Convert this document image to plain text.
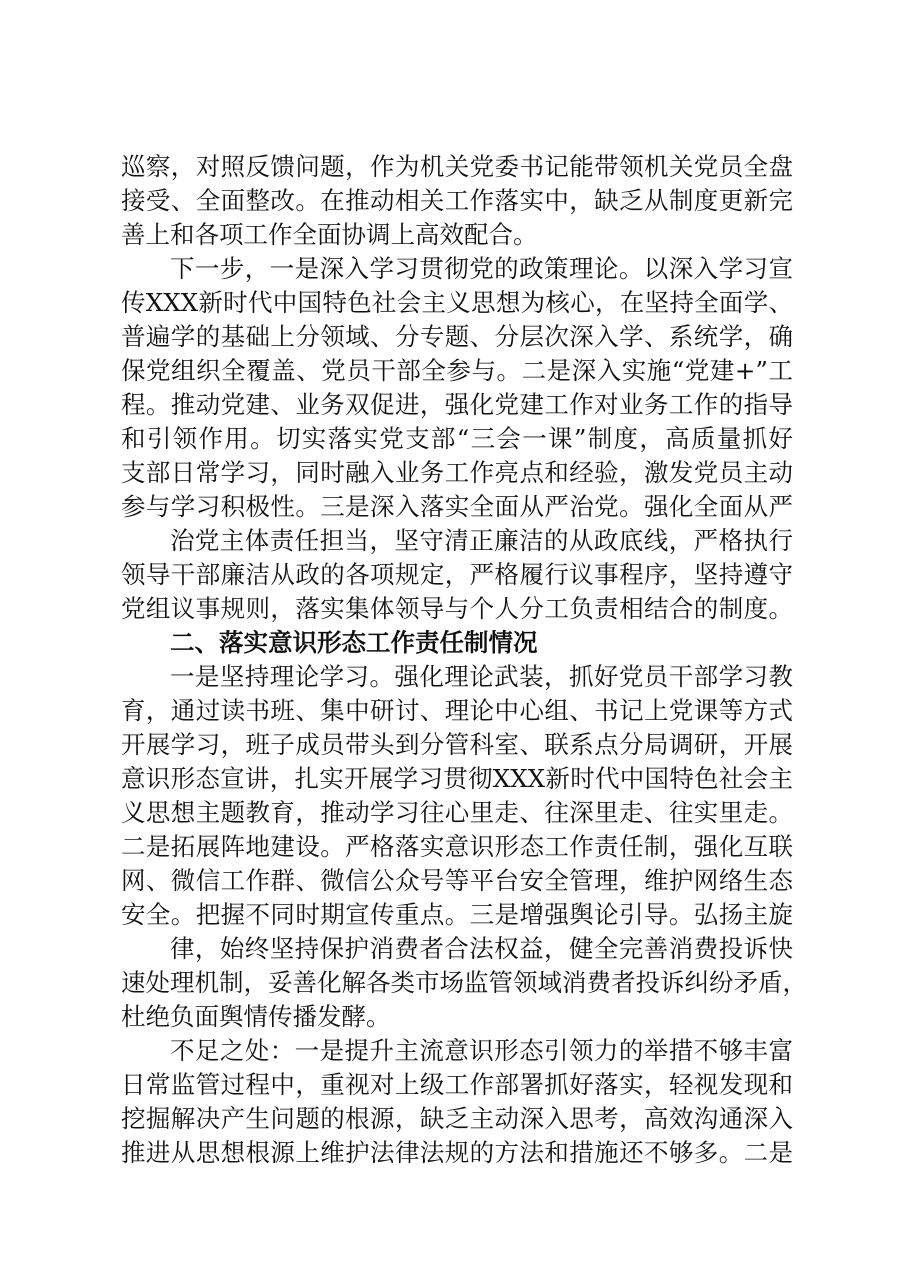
巡察，对照反馈问题，作为机关党委书记能带领机关党员全盘
接受、全面整改。在推动相关工作落实中，缺乏从制度更新完
善上和各项工作全面协调上高效配合。
下一步，一是深入学习贯彻党的政策理论。以深入学习宣
传XXX新时代中国特色社会主义思想为核心，在坚持全面学、
普遍学的基础上分领域、分专题、分层次深入学、系统学，确
保党组织全覆盖、党员干部全参与。二是深入实施“党建+”工
程。推动党建、业务双促进，强化党建工作对业务工作的指导
和引领作用。切实落实党支部“三会一课”制度，高质量抓好
支部日常学习，同时融入业务工作亮点和经验，激发党员主动
参与学习积极性。三是深入落实全面从严治党。强化全面从严
治党主体责任担当，坚守清正廉洁的从政底线，严格执行
领导干部廉洁从政的各项规定，严格履行议事程序，坚持遵守
党组议事规则，落实集体领导与个人分工负责相结合的制度。
二、落实意识形态工作责任制情况
一是坚持理论学习。强化理论武装，抓好党员干部学习教
育，通过读书班、集中研讨、理论中心组、书记上党课等方式
开展学习，班子成员带头到分管科室、联系点分局调研，开展
意识形态宣讲，扎实开展学习贯彻XXX新时代中国特色社会主
义思想主题教育，推动学习往心里走、往深里走、往实里走。
二是拓展阵地建设。严格落实意识形态工作责任制，强化互联
网、微信工作群、微信公众号等平台安全管理，维护网络生态
安全。把握不同时期宣传重点。三是增强舆论引导。弘扬主旋
律，始终坚持保护消费者合法权益，健全完善消费投诉快
速处理机制，妥善化解各类市场监管领域消费者投诉纠纷矛盾，
杜绝负面舆情传播发酵。
不足之处：一是提升主流意识形态引领力的举措不够丰富
日常监管过程中，重视对上级工作部署抓好落实，轻视发现和
挖掘解决产生问题的根源，缺乏主动深入思考，高效沟通深入
推进从思想根源上维护法律法规的方法和措施还不够多。二是
